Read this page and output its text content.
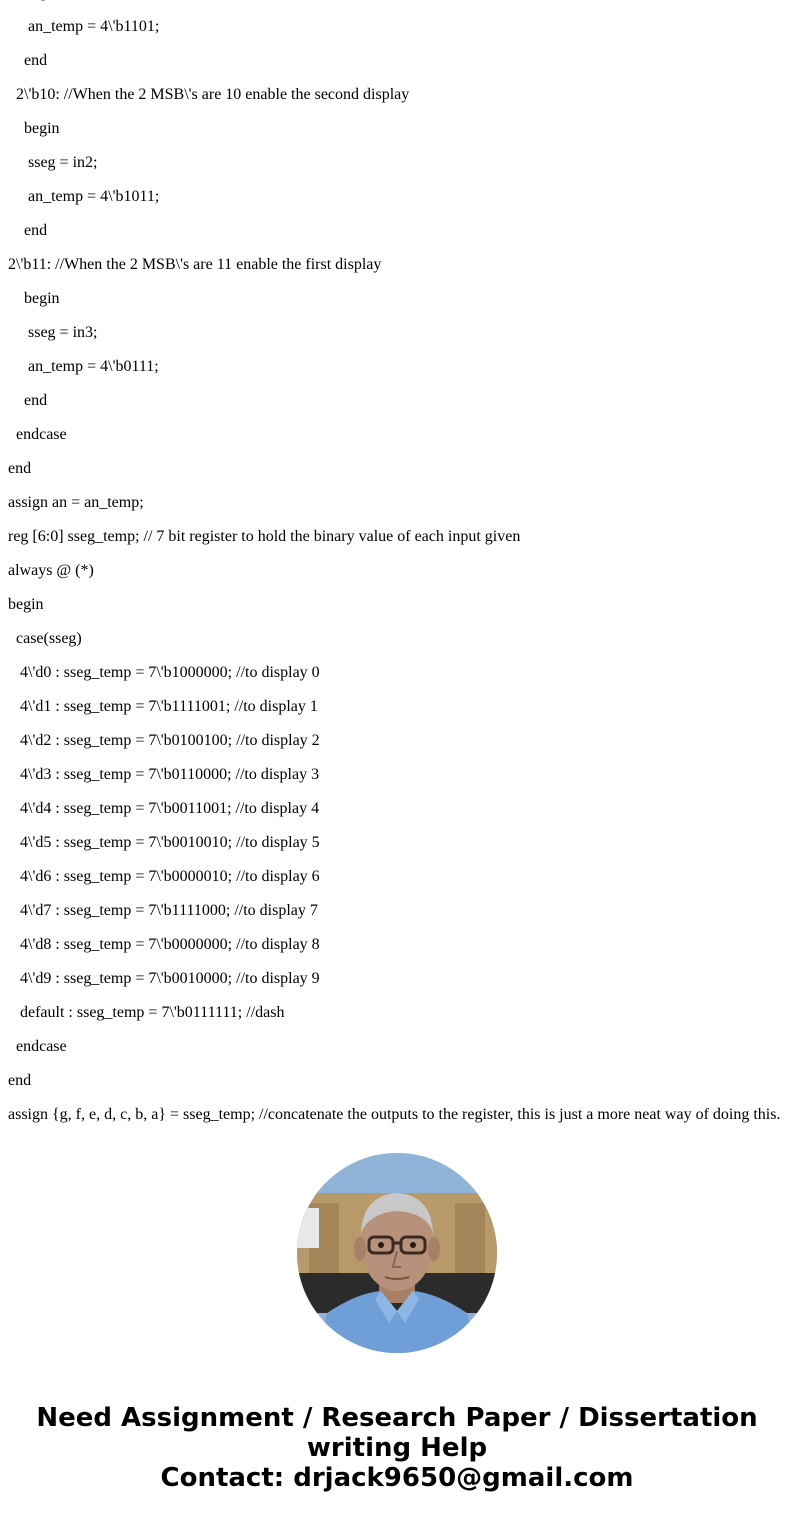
an_temp = 4\'b1101;
end
2\'b10: //When the 2 MSB\'s are 10 enable the second display
begin
sseg = in2;
an_temp = 4\'b1011;
end
2\'b11: //When the 2 MSB\'s are 11 enable the first display
begin
sseg = in3;
an_temp = 4\'b0111;
end
endcase
end
assign an = an_temp;
reg [6:0] sseg_temp; // 7 bit register to hold the binary value of each input given
always @ (*)
begin
case(sseg)
4\'d0 : sseg_temp = 7\'b1000000; //to display 0
4\'d1 : sseg_temp = 7\'b1111001; //to display 1
4\'d2 : sseg_temp = 7\'b0100100; //to display 2
4\'d3 : sseg_temp = 7\'b0110000; //to display 3
4\'d4 : sseg_temp = 7\'b0011001; //to display 4
4\'d5 : sseg_temp = 7\'b0010010; //to display 5
4\'d6 : sseg_temp = 7\'b0000010; //to display 6
4\'d7 : sseg_temp = 7\'b1111000; //to display 7
4\'d8 : sseg_temp = 7\'b0000000; //to display 8
4\'d9 : sseg_temp = 7\'b0010000; //to display 9
default : sseg_temp = 7\'b0111111; //dash
endcase
end
assign {g, f, e, d, c, b, a} = sseg_temp; //concatenate the outputs to the register, this is just a more neat way of doing this.
Need Assignment / Research Paper / Dissertation
writing Help
Contact: drjack9650@gmail.com
